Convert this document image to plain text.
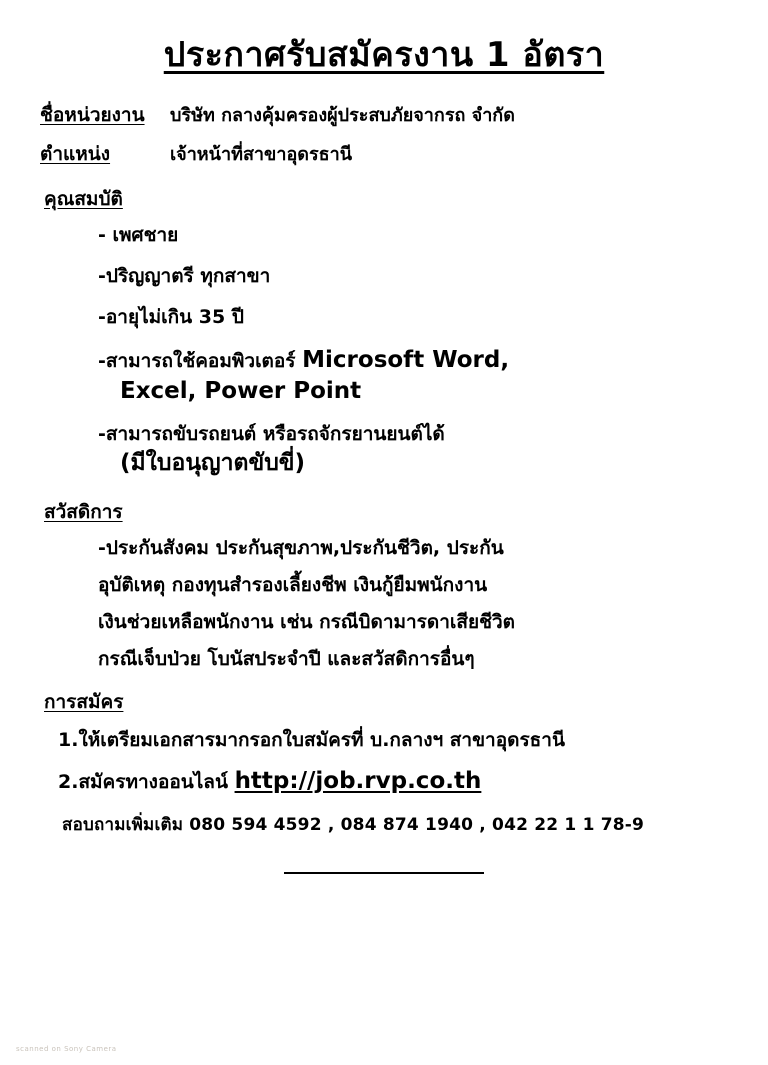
ประกาศรับสมัครงาน 1 อัตรา
ชื่อหน่วยงาน	บริษัท กลางคุ้มครองผู้ประสบภัยจากรถ จำกัด
ตำแหน่ง	เจ้าหน้าที่สาขาอุดรธานี
คุณสมบัติ
- เพศชาย
-ปริญญาตรี ทุกสาขา
-อายุไม่เกิน 35 ปี
-สามารถใช้คอมพิวเตอร์ Microsoft Word,
Excel, Power Point
-สามารถขับรถยนต์ หรือรถจักรยานยนต์ได้
(มีใบอนุญาตขับขี่)
สวัสดิการ
-ประกันสังคม ประกันสุขภาพ,ประกันชีวิต, ประกัน
อุบัติเหตุ กองทุนสำรองเลี้ยงชีพ เงินกู้ยืมพนักงาน
เงินช่วยเหลือพนักงาน เช่น กรณีบิดามารดาเสียชีวิต
กรณีเจ็บป่วย โบนัสประจำปี และสวัสดิการอื่นๆ
การสมัคร
1.ให้เตรียมเอกสารมากรอกใบสมัครที่ บ.กลางฯ สาขาอุดรธานี
2.สมัครทางออนไลน์ http://job.rvp.co.th
สอบถามเพิ่มเติม 080 594 4592 , 084 874 1940 , 042 22 1 1 78-9
scanned on Sony Camera
